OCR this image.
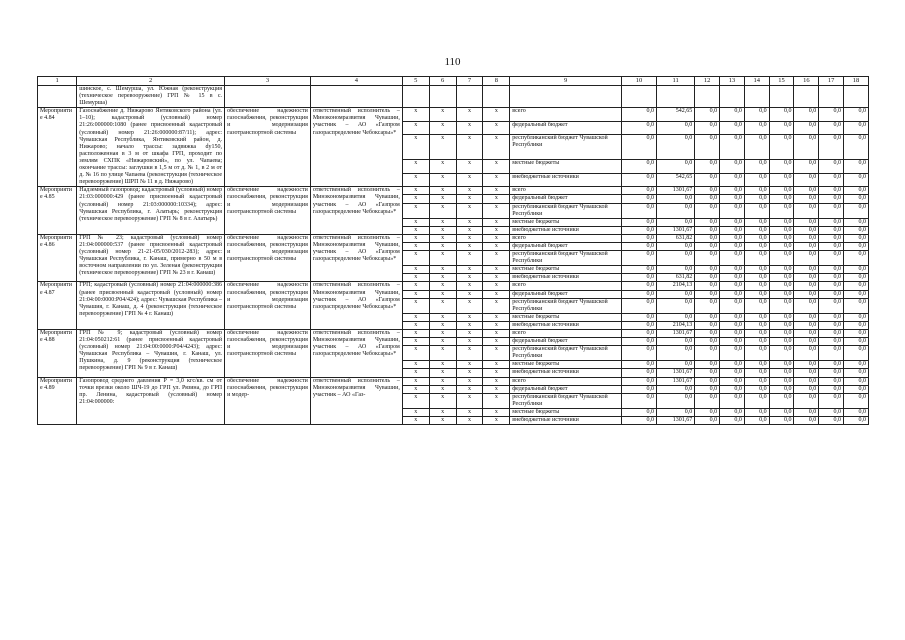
110
1	2	3	4	5	6	7	8	9	10	11	12	13	14	15	16	17	18
	шинское, с. Шемурша, ул. Южная (реконструкция (техническое перевооружение) ГРП № 15 в с. Шемурша)																
Мероприятие 4.84	Газоснабжение д. Нижарово Янтиковского района (ул. 1–10); кадастровый (условный) номер 21:26:000000:1080 (ранее присвоенный кадастровый (условный) номер 21:26:000000:87/11); адрес: Чувашская Республика, Янтиковский район, д. Нижарово; начало трассы: задвижка dy150, расположенная в 3 м от шкафа ГРП, проходит по землям СХПК «Нижаровский», по ул. Чапаева; окончание трассы: заглушки в 1,5 м от д. № 1, в 2 м от д. № 16 по улице Чапаева (реконструкция (техническое перевооружение) ШРП № 11 в д. Нижарово)	обеспечение надежности газоснабжения, реконструкция и модернизация газотранспортной системы	ответственный исполнитель – Минэкономразвития Чувашии, участник – АО «Газпром газораспределение Чебоксары»*	x	x	x	x	всего	0,0	542,65	0,0	0,0	0,0	0,0	0,0	0,0	0,0
				x	x	x	x	федеральный бюджет	0,0	0,0	0,0	0,0	0,0	0,0	0,0	0,0	0,0
				x	x	x	x	республиканский бюджет Чувашской Республики	0,0	0,0	0,0	0,0	0,0	0,0	0,0	0,0	0,0
				x	x	x	x	местные бюджеты	0,0	0,0	0,0	0,0	0,0	0,0	0,0	0,0	0,0
				x	x	x	x	внебюджетные источники	0,0	542,65	0,0	0,0	0,0	0,0	0,0	0,0	0,0
Мероприятие 4.85	Надземный газопровод; кадастровый (условный) номер 21:03:000000:429 (ранее присвоенный кадастровый (условный) номер 21:03:000000:10334); адрес: Чувашская Республика, г. Алатырь; реконструкция (техническое перевооружение) ГРП № 8 в г. Алатырь)	обеспечение надежности газоснабжения, реконструкция и модернизация газотранспортной системы	ответственный исполнитель – Минэкономразвития Чувашии, участник – АО «Газпром газораспределение Чебоксары»*	x	x	x	x	всего	0,0	1301,67	0,0	0,0	0,0	0,0	0,0	0,0	0,0
				x	x	x	x	федеральный бюджет	0,0	0,0	0,0	0,0	0,0	0,0	0,0	0,0	0,0
				x	x	x	x	республиканский бюджет Чувашской Республики	0,0	0,0	0,0	0,0	0,0	0,0	0,0	0,0	0,0
				x	x	x	x	местные бюджеты	0,0	0,0	0,0	0,0	0,0	0,0	0,0	0,0	0,0
				x	x	x	x	внебюджетные источники	0,0	1301,67	0,0	0,0	0,0	0,0	0,0	0,0	0,0
Мероприятие 4.86	ГРП № 23; кадастровый (условный) номер 21:04:000000:537 (ранее присвоенный кадастровый (условный) номер 21-21-05/030/2012-283); адрес: Чувашская Республика, г. Канаш, примерно в 50 м в восточном направлении по ул. Зеленая (реконструкция (техническое перевооружение) ГРП № 23 в г. Канаш)	обеспечение надежности газоснабжения, реконструкция и модернизация газотранспортной системы	ответственный исполнитель – Минэкономразвития Чувашии, участник – АО «Газпром газораспределение Чебоксары»*	x	x	x	x	всего	0,0	631,82	0,0	0,0	0,0	0,0	0,0	0,0	0,0
				x	x	x	x	федеральный бюджет	0,0	0,0	0,0	0,0	0,0	0,0	0,0	0,0	0,0
				x	x	x	x	республиканский бюджет Чувашской Республики	0,0	0,0	0,0	0,0	0,0	0,0	0,0	0,0	0,0
				x	x	x	x	местные бюджеты	0,0	0,0	0,0	0,0	0,0	0,0	0,0	0,0	0,0
				x	x	x	x	внебюджетные источники	0,0	631,82	0,0	0,0	0,0	0,0	0,0	0,0	0,0
Мероприятие 4.87	ГРП; кадастровый (условный) номер 21:04:000000:386 (ранее присвоенный кадастровый (условный) номер 21:04:00:0000:Р04/424); адрес: Чувашская Республика – Чувашия, г. Канаш, д. 4 (реконструкция (техническое перевооружение) ГРП № 4 г. Канаш)	обеспечение надежности газоснабжения, реконструкция и модернизация газотранспортной системы	ответственный исполнитель – Минэкономразвития Чувашии, участник – АО «Газпром газораспределение Чебоксары»*	x	x	x	x	всего	0,0	2104,13	0,0	0,0	0,0	0,0	0,0	0,0	0,0
				x	x	x	x	федеральный бюджет	0,0	0,0	0,0	0,0	0,0	0,0	0,0	0,0	0,0
				x	x	x	x	республиканский бюджет Чувашской Республики	0,0	0,0	0,0	0,0	0,0	0,0	0,0	0,0	0,0
				x	x	x	x	местные бюджеты	0,0	0,0	0,0	0,0	0,0	0,0	0,0	0,0	0,0
				x	x	x	x	внебюджетные источники	0,0	2104,13	0,0	0,0	0,0	0,0	0,0	0,0	0,0
Мероприятие 4.88	ГРП № 9; кадастровый (условный) номер 21:04:050212:61 (ранее присвоенный кадастровый (условный) номер 21:04:00:0000:Р04/4243); адрес: Чувашская Республика – Чувашия, г. Канаш, ул. Пушкина, д. 9 (реконструкция (техническое перевооружение) ГРП № 9 в г. Канаш)	обеспечение надежности газоснабжения, реконструкция и модернизация газотранспортной системы	ответственный исполнитель – Минэкономразвития Чувашии, участник – АО «Газпром газораспределение Чебоксары»*	x	x	x	x	всего	0,0	1301,67	0,0	0,0	0,0	0,0	0,0	0,0	0,0
				x	x	x	x	федеральный бюджет	0,0	0,0	0,0	0,0	0,0	0,0	0,0	0,0	0,0
				x	x	x	x	республиканский бюджет Чувашской Республики	0,0	0,0	0,0	0,0	0,0	0,0	0,0	0,0	0,0
				x	x	x	x	местные бюджеты	0,0	0,0	0,0	0,0	0,0	0,0	0,0	0,0	0,0
				x	x	x	x	внебюджетные источники	0,0	1301,67	0,0	0,0	0,0	0,0	0,0	0,0	0,0
Мероприятие 4.89	Газопровод среднего давления Р = 3,0 кгс/кв. см от точки врезки около ШЧ-19 до ГРП ул. Рязина, до ГРП пр. Ленина, кадастровый (условный) номер 21:04:000000:	обеспечение надежности газоснабжения, реконструкция и модер-	ответственный исполнитель – Минэкономразвития Чувашии, участник – АО «Газ-	x	x	x	x	всего	0,0	1301,67	0,0	0,0	0,0	0,0	0,0	0,0	0,0
				x	x	x	x	федеральный бюджет	0,0	0,0	0,0	0,0	0,0	0,0	0,0	0,0	0,0
				x	x	x	x	республиканский бюджет Чувашской Республики	0,0	0,0	0,0	0,0	0,0	0,0	0,0	0,0	0,0
				x	x	x	x	местные бюджеты	0,0	0,0	0,0	0,0	0,0	0,0	0,0	0,0	0,0
				x	x	x	x	внебюджетные источники	0,0	1301,67	0,0	0,0	0,0	0,0	0,0	0,0	0,0
